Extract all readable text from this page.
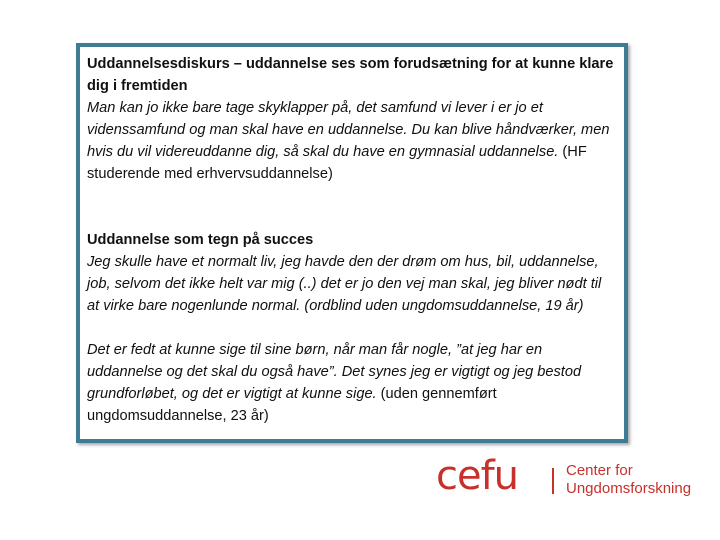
Uddannelsesdiskurs – uddannelse ses som forudsætning for at kunne klare dig i fremtiden
Man kan jo ikke bare tage skyklapper på, det samfund vi lever i er jo et videnssamfund og man skal have en uddannelse. Du kan blive håndværker, men hvis du vil videreuddanne dig, så skal du have en gymnasial uddannelse. (HF studerende med erhvervsuddannelse)

Uddannelse som tegn på succes
Jeg skulle have et normalt liv, jeg havde den der drøm om hus, bil, uddannelse, job, selvom det ikke helt var mig (..) det er jo den vej man skal, jeg bliver nødt til at virke bare nogenlunde normal. (ordblind uden ungdomsuddannelse, 19 år)

Det er fedt at kunne sige til sine børn, når man får nogle, ”at jeg har en uddannelse og det skal du også have”. Det synes jeg er vigtigt og jeg bestod grundforløbet, og det er vigtigt at kunne sige. (uden gennemført ungdomsuddannelse, 23 år)

cefu	Center for
Ungdomsforskning
